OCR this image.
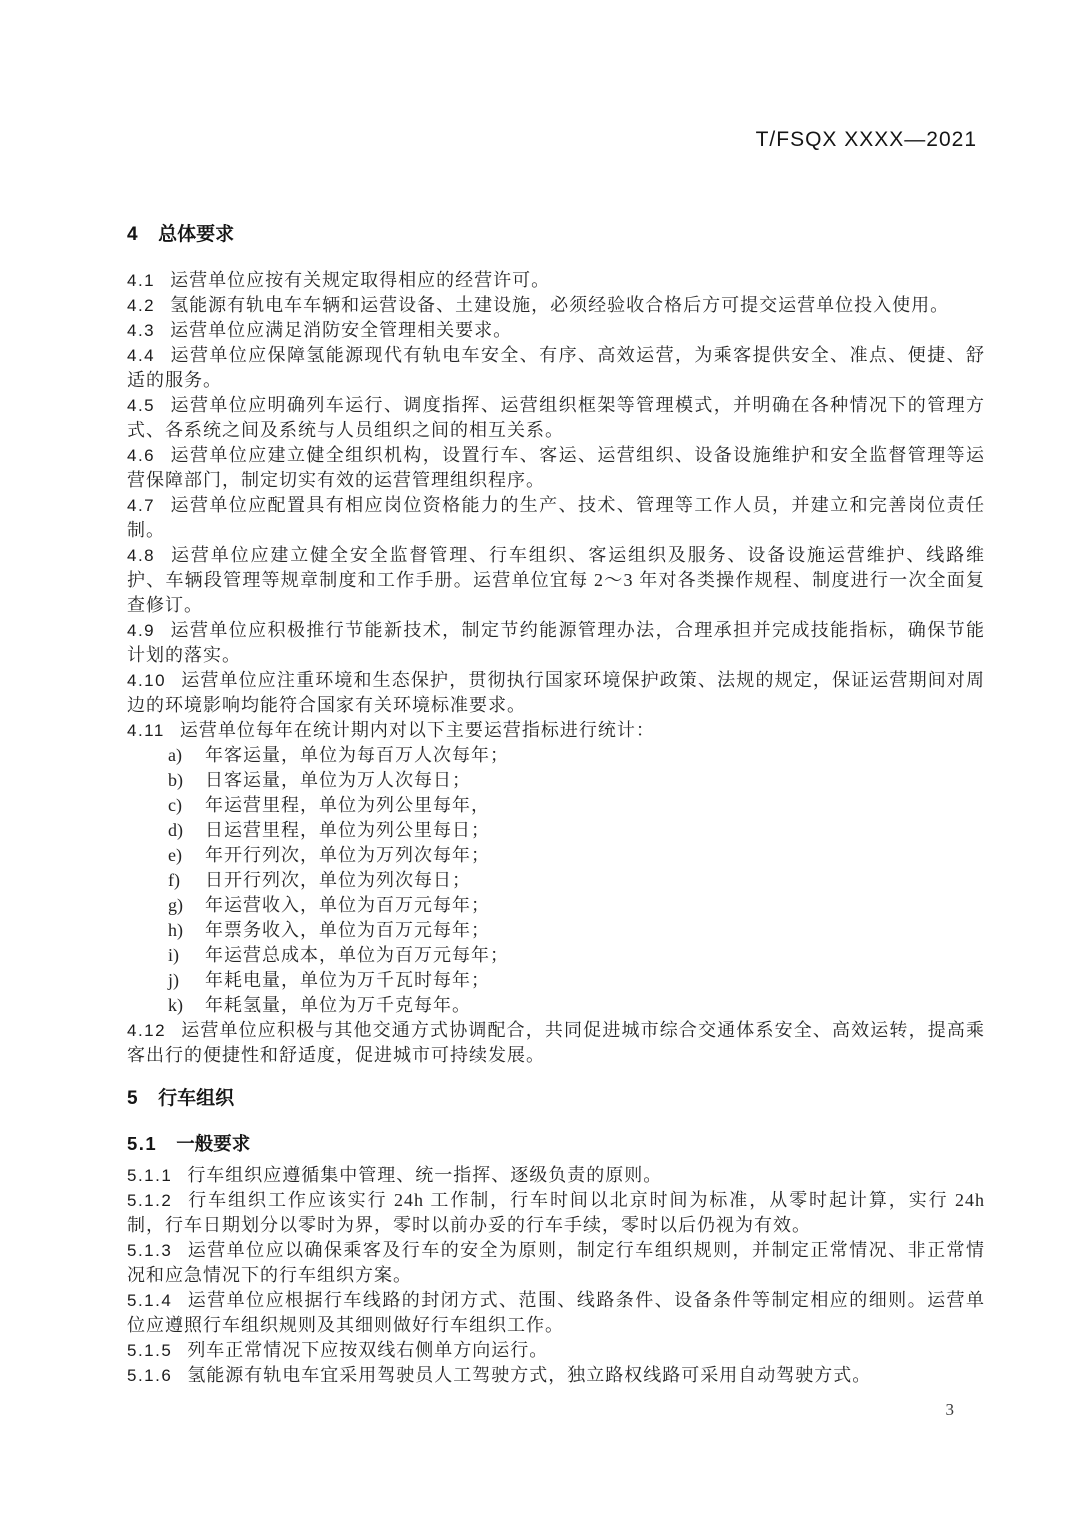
T/FSQX XXXX—2021
4 总体要求

4.1 运营单位应按有关规定取得相应的经营许可。

4.2 氢能源有轨电车车辆和运营设备、土建设施，必须经验收合格后方可提交运营单位投入使用。

4.3 运营单位应满足消防安全管理相关要求。

4.4 运营单位应保障氢能源现代有轨电车安全、有序、高效运营，为乘客提供安全、准点、便捷、舒适的服务。

4.5 运营单位应明确列车运行、调度指挥、运营组织框架等管理模式，并明确在各种情况下的管理方式、各系统之间及系统与人员组织之间的相互关系。

4.6 运营单位应建立健全组织机构，设置行车、客运、运营组织、设备设施维护和安全监督管理等运营保障部门，制定切实有效的运营管理组织程序。

4.7 运营单位应配置具有相应岗位资格能力的生产、技术、管理等工作人员，并建立和完善岗位责任制。

4.8 运营单位应建立健全安全监督管理、行车组织、客运组织及服务、设备设施运营维护、线路维护、车辆段管理等规章制度和工作手册。运营单位宜每 2～3 年对各类操作规程、制度进行一次全面复查修订。

4.9 运营单位应积极推行节能新技术，制定节约能源管理办法，合理承担并完成技能指标，确保节能计划的落实。

4.10 运营单位应注重环境和生态保护，贯彻执行国家环境保护政策、法规的规定，保证运营期间对周边的环境影响均能符合国家有关环境标准要求。

4.11 运营单位每年在统计期内对以下主要运营指标进行统计：

a) 年客运量，单位为每百万人次每年；

b) 日客运量，单位为万人次每日；

c) 年运营里程，单位为列公里每年，

d) 日运营里程，单位为列公里每日；

e) 年开行列次，单位为万列次每年；

f) 日开行列次，单位为列次每日；

g) 年运营收入，单位为百万元每年；

h) 年票务收入，单位为百万元每年；

i) 年运营总成本，单位为百万元每年；

j) 年耗电量，单位为万千瓦时每年；

k) 年耗氢量，单位为万千克每年。

4.12 运营单位应积极与其他交通方式协调配合，共同促进城市综合交通体系安全、高效运转，提高乘客出行的便捷性和舒适度，促进城市可持续发展。

5 行车组织
5.1 一般要求

5.1.1 行车组织应遵循集中管理、统一指挥、逐级负责的原则。

5.1.2 行车组织工作应该实行 24h 工作制，行车时间以北京时间为标准，从零时起计算，实行 24h 制，行车日期划分以零时为界，零时以前办妥的行车手续，零时以后仍视为有效。

5.1.3 运营单位应以确保乘客及行车的安全为原则，制定行车组织规则，并制定正常情况、非正常情况和应急情况下的行车组织方案。

5.1.4 运营单位应根据行车线路的封闭方式、范围、线路条件、设备条件等制定相应的细则。运营单位应遵照行车组织规则及其细则做好行车组织工作。

5.1.5 列车正常情况下应按双线右侧单方向运行。

5.1.6 氢能源有轨电车宜采用驾驶员人工驾驶方式，独立路权线路可采用自动驾驶方式。

3
